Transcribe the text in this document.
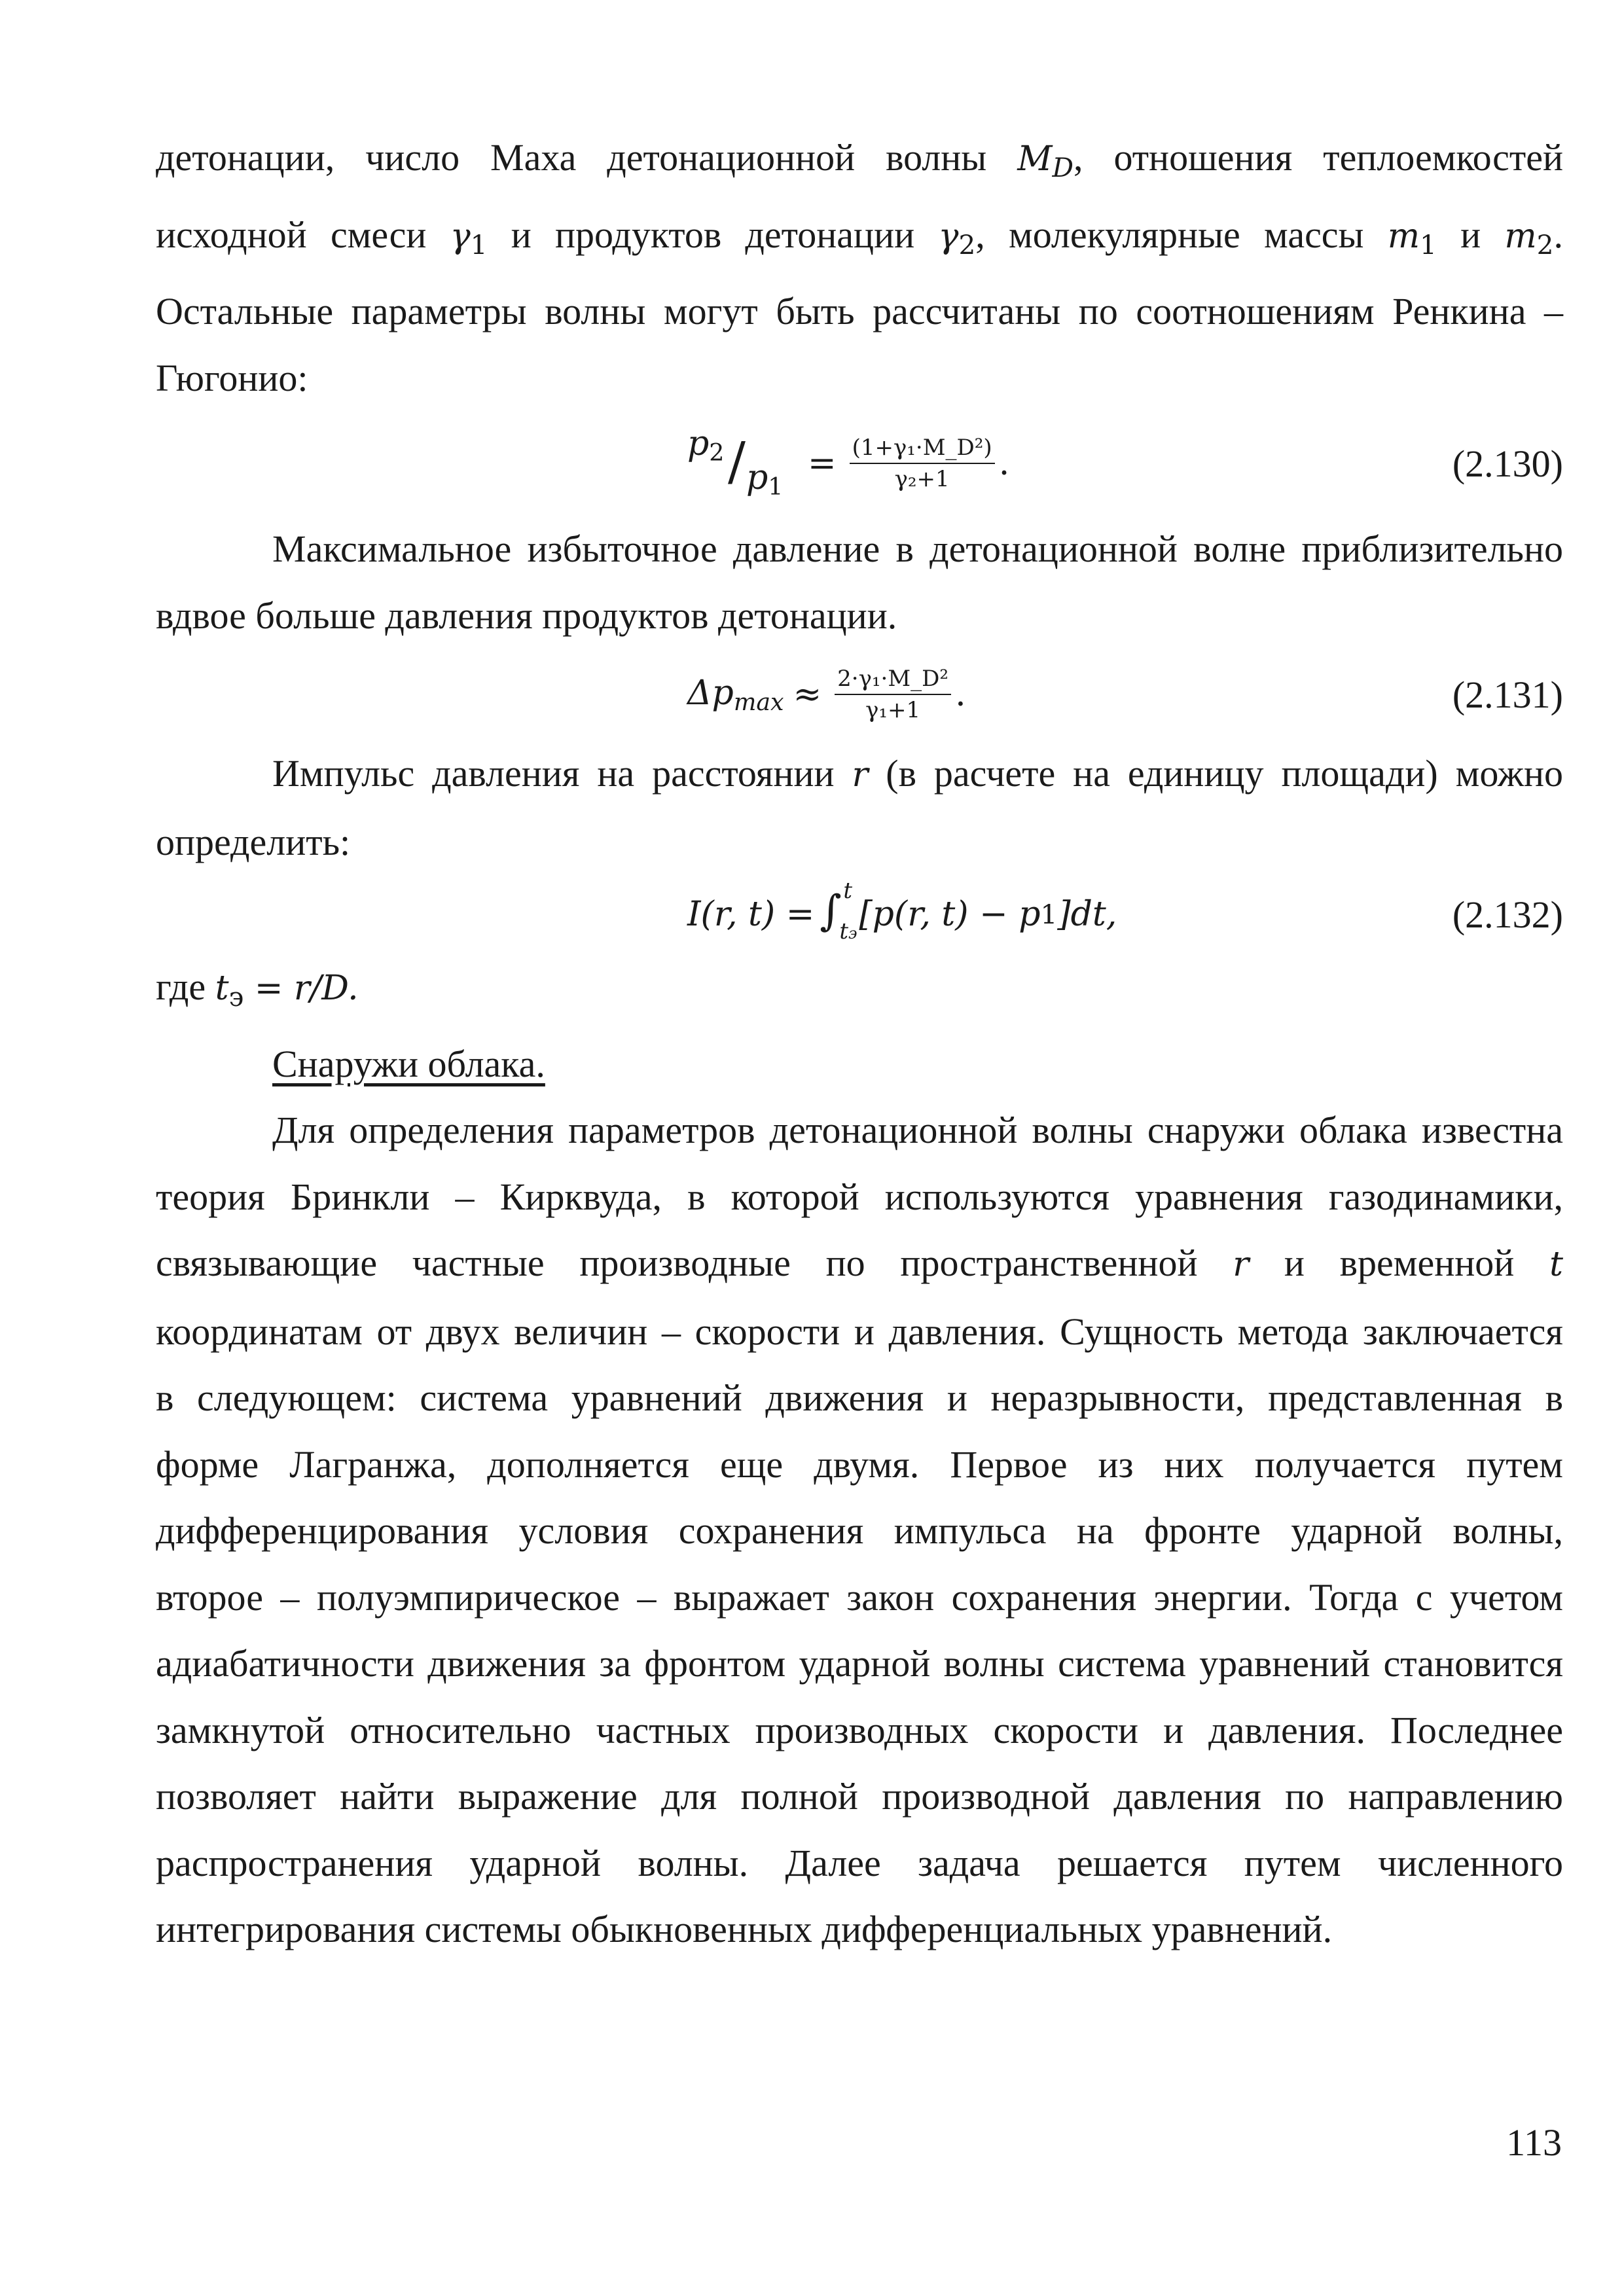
детонации, число Маха детонационной волны MD, отношения теплоемкостей

исходной смеси $\gamma_1$ и продуктов детонации $\gamma_2$, молекулярные массы $m_1$ и $m_2$.

Остальные параметры волны могут быть рассчитаны по соотношениям Ренкина –

Гюгонио:

$p_2 / p_1$
= $\frac{\text{(1+γ₁·M\_D²)}}{\text{γ₂+1}}$ .	(2.130)

Максимальное избыточное давление в детонационной волне приблизительно

вдвое больше давления продуктов детонации.

$\Delta pmax \approx \frac{\text{2·γ₁·M\_D²}}{\text{γ₁+1}}$ .	(2.131)

Импульс давления на расстоянии r (в расчете на единицу площади) можно

определить:

I(r, t) = ∫ t
tэ [p(r, t) − p 1 ]dt,	(2.132)

где $t_э = r/D$.

Снаружи облака.

Для определения параметров детонационной волны снаружи облака известна

теория Бринкли – Кирквуда, в которой используются уравнения газодинамики,

связывающие частные производные по пространственной r и временной t

координатам от двух величин – скорости и давления. Сущность метода заключается

в следующем: система уравнений движения и неразрывности, представленная в

форме Лагранжа, дополняется еще двумя. Первое из них получается путем

дифференцирования условия сохранения импульса на фронте ударной волны,

второе – полуэмпирическое – выражает закон сохранения энергии. Тогда с учетом

адиабатичности движения за фронтом ударной волны система уравнений становится

замкнутой относительно частных производных скорости и давления. Последнее

позволяет найти выражение для полной производной давления по направлению

распространения ударной волны. Далее задача решается путем численного

интегрирования системы обыкновенных дифференциальных уравнений.

113
